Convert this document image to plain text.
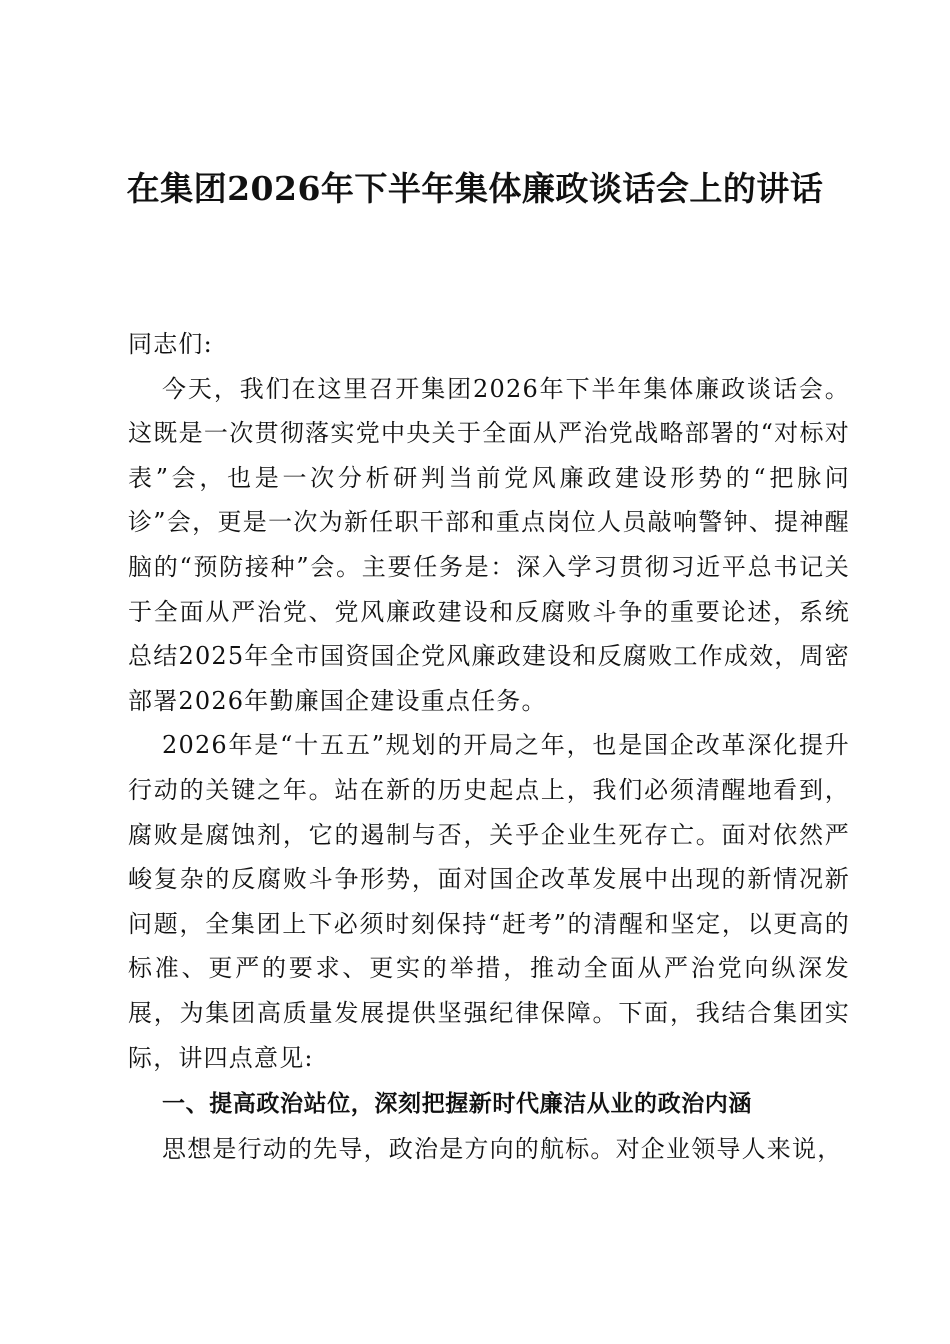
在集团2026年下半年集体廉政谈话会上的讲话

同志们:

今天，我们在这里召开集团2026年下半年集体廉政谈话会。这既是一次贯彻落实党中央关于全面从严治党战略部署的“对标对表”会，也是一次分析研判当前党风廉政建设形势的“把脉问诊”会，更是一次为新任职干部和重点岗位人员敲响警钟、提神醒脑的“预防接种”会。主要任务是：深入学习贯彻习近平总书记关于全面从严治党、党风廉政建设和反腐败斗争的重要论述，系统总结2025年全市国资国企党风廉政建设和反腐败工作成效，周密部署2026年勤廉国企建设重点任务。

2026年是“十五五”规划的开局之年，也是国企改革深化提升行动的关键之年。站在新的历史起点上，我们必须清醒地看到，腐败是腐蚀剂，它的遏制与否，关乎企业生死存亡。面对依然严峻复杂的反腐败斗争形势，面对国企改革发展中出现的新情况新问题，全集团上下必须时刻保持“赶考”的清醒和坚定，以更高的标准、更严的要求、更实的举措，推动全面从严治党向纵深发展，为集团高质量发展提供坚强纪律保障。下面，我结合集团实际，讲四点意见:

一、提高政治站位，深刻把握新时代廉洁从业的政治内涵

思想是行动的先导，政治是方向的航标。对企业领导人来说，
